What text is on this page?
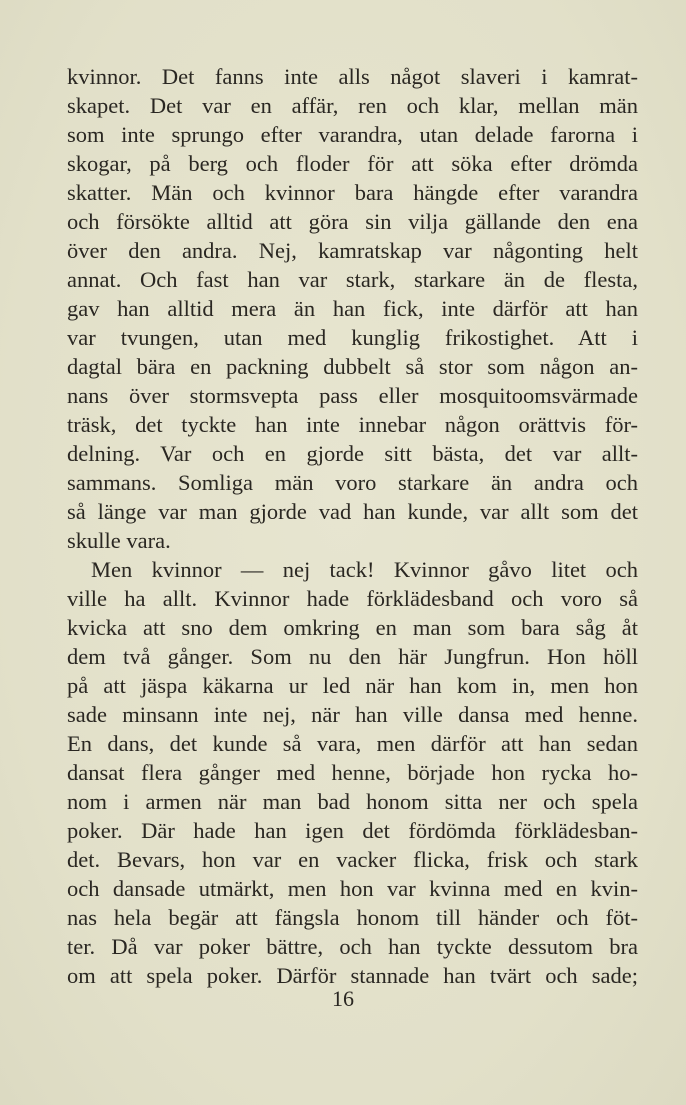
kvinnor. Det fanns inte alls något slaveri i kamrat-
skapet. Det var en affär, ren och klar, mellan män
som inte sprungo efter varandra, utan delade farorna i
skogar, på berg och floder för att söka efter drömda
skatter. Män och kvinnor bara hängde efter varandra
och försökte alltid att göra sin vilja gällande den ena
över den andra. Nej, kamratskap var någonting helt
annat. Och fast han var stark, starkare än de flesta,
gav han alltid mera än han fick, inte därför att han
var tvungen, utan med kunglig frikostighet. Att i
dagtal bära en packning dubbelt så stor som någon an-
nans över stormsvepta pass eller mosquitoomsvärmade
träsk, det tyckte han inte innebar någon orättvis för-
delning. Var och en gjorde sitt bästa, det var allt-
sammans. Somliga män voro starkare än andra och
så länge var man gjorde vad han kunde, var allt som det
skulle vara.
Men kvinnor — nej tack! Kvinnor gåvo litet och
ville ha allt. Kvinnor hade förklädesband och voro så
kvicka att sno dem omkring en man som bara såg åt
dem två gånger. Som nu den här Jungfrun. Hon höll
på att jäspa käkarna ur led när han kom in, men hon
sade minsann inte nej, när han ville dansa med henne.
En dans, det kunde så vara, men därför att han sedan
dansat flera gånger med henne, började hon rycka ho-
nom i armen när man bad honom sitta ner och spela
poker. Där hade han igen det fördömda förklädesban-
det. Bevars, hon var en vacker flicka, frisk och stark
och dansade utmärkt, men hon var kvinna med en kvin-
nas hela begär att fängsla honom till händer och föt-
ter. Då var poker bättre, och han tyckte dessutom bra
om att spela poker. Därför stannade han tvärt och sade;
16
